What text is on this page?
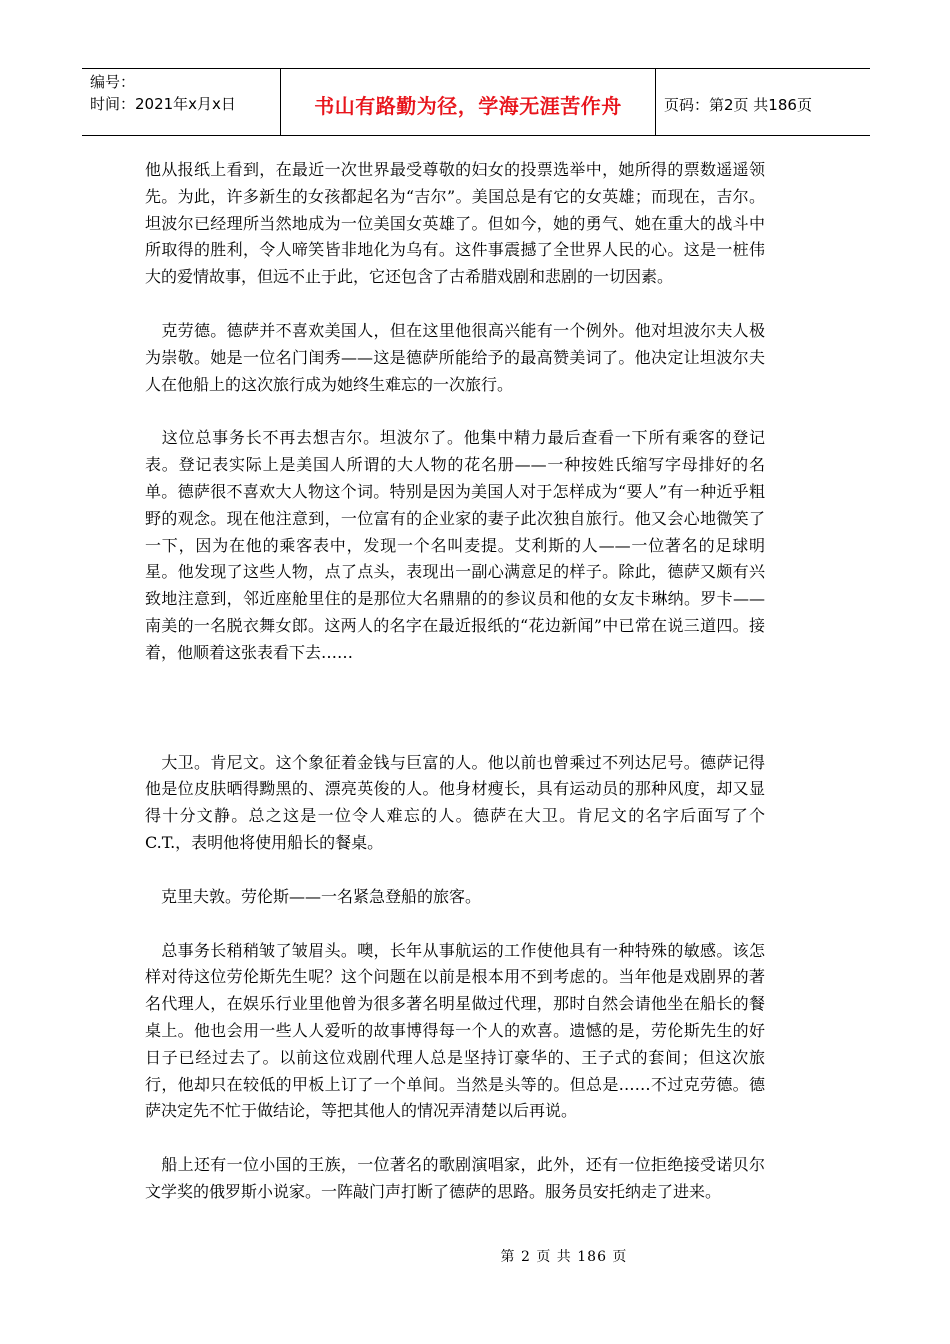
编号：
时间：2021年x月x日	书山有路勤为径，学海无涯苦作舟	页码：第2页 共186页

他从报纸上看到，在最近一次世界最受尊敬的妇女的投票选举中，她所得的票数遥遥领先。为此，许多新生的女孩都起名为“吉尔”。美国总是有它的女英雄；而现在，吉尔。坦波尔已经理所当然地成为一位美国女英雄了。但如今，她的勇气、她在重大的战斗中所取得的胜利，令人啼笑皆非地化为乌有。这件事震撼了全世界人民的心。这是一桩伟大的爱情故事，但远不止于此，它还包含了古希腊戏剧和悲剧的一切因素。

　克劳德。德萨并不喜欢美国人，但在这里他很高兴能有一个例外。他对坦波尔夫人极为崇敬。她是一位名门闺秀——这是德萨所能给予的最高赞美词了。他决定让坦波尔夫人在他船上的这次旅行成为她终生难忘的一次旅行。

　这位总事务长不再去想吉尔。坦波尔了。他集中精力最后查看一下所有乘客的登记表。登记表实际上是美国人所谓的大人物的花名册——一种按姓氏缩写字母排好的名单。德萨很不喜欢大人物这个词。特别是因为美国人对于怎样成为“要人”有一种近乎粗野的观念。现在他注意到，一位富有的企业家的妻子此次独自旅行。他又会心地微笑了一下，因为在他的乘客表中，发现一个名叫麦提。艾利斯的人——一位著名的足球明星。他发现了这些人物，点了点头，表现出一副心满意足的样子。除此，德萨又颇有兴致地注意到，邻近座舱里住的是那位大名鼎鼎的的参议员和他的女友卡琳纳。罗卡——南美的一名脱衣舞女郎。这两人的名字在最近报纸的“花边新闻”中已常在说三道四。接着，他顺着这张表看下去……

　大卫。肯尼文。这个象征着金钱与巨富的人。他以前也曾乘过不列达尼号。德萨记得他是位皮肤晒得黝黑的、漂亮英俊的人。他身材瘦长，具有运动员的那种风度，却又显得十分文静。总之这是一位令人难忘的人。德萨在大卫。肯尼文的名字后面写了个C.T.，表明他将使用船长的餐桌。

　克里夫敦。劳伦斯——一名紧急登船的旅客。

　总事务长稍稍皱了皱眉头。噢，长年从事航运的工作使他具有一种特殊的敏感。该怎样对待这位劳伦斯先生呢？这个问题在以前是根本用不到考虑的。当年他是戏剧界的著名代理人，在娱乐行业里他曾为很多著名明星做过代理，那时自然会请他坐在船长的餐桌上。他也会用一些人人爱听的故事博得每一个人的欢喜。遗憾的是，劳伦斯先生的好日子已经过去了。以前这位戏剧代理人总是坚持订豪华的、王子式的套间；但这次旅行，他却只在较低的甲板上订了一个单间。当然是头等的。但总是……不过克劳德。德萨决定先不忙于做结论，等把其他人的情况弄清楚以后再说。

　船上还有一位小国的王族，一位著名的歌剧演唱家，此外，还有一位拒绝接受诺贝尔文学奖的俄罗斯小说家。一阵敲门声打断了德萨的思路。服务员安托纳走了进来。

第 2 页 共 186 页
